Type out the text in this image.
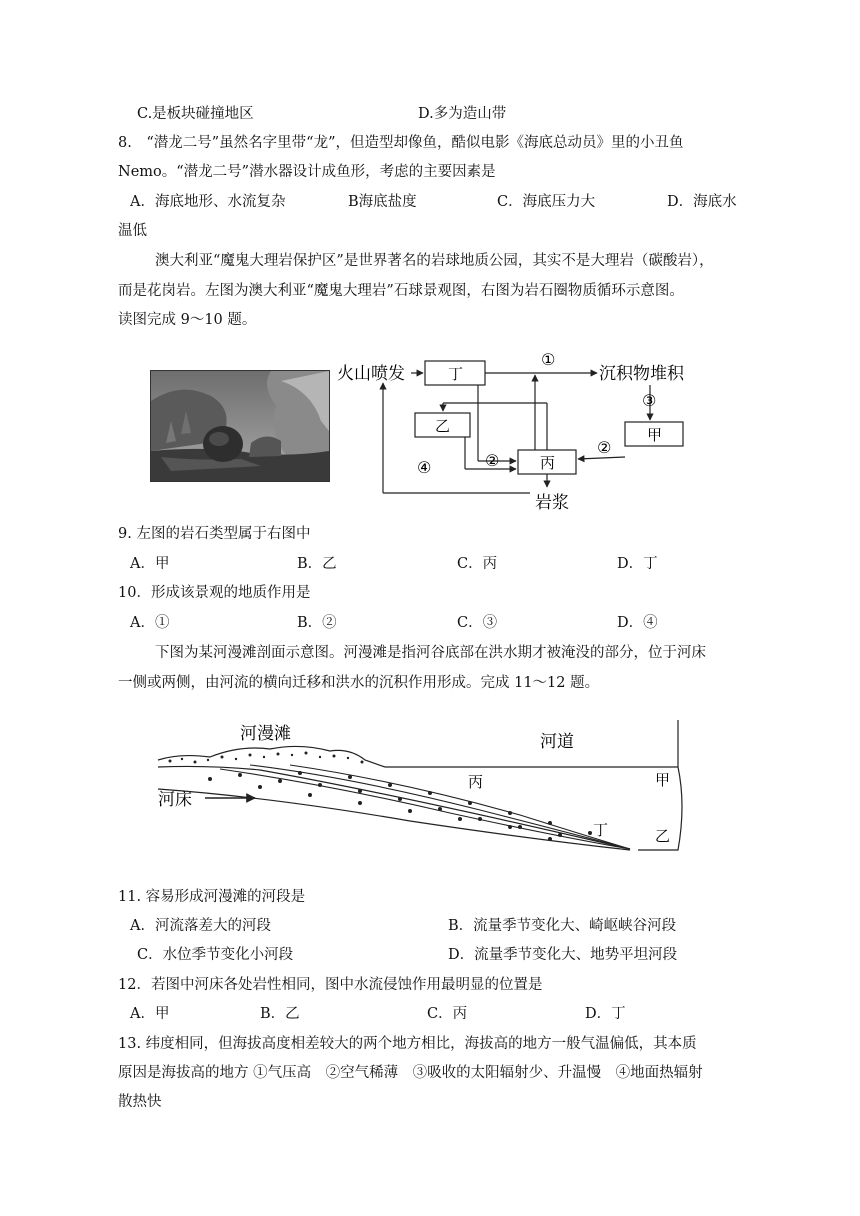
C.是板块碰撞地区	D.多为造山带
8.　“潜龙二号”虽然名字里带“龙”，但造型却像鱼，酷似电影《海底总动员》里的小丑鱼
Nemo。“潜龙二号”潜水器设计成鱼形，考虑的主要因素是
A．海底地形、水流复杂	B海底盐度	C．海底压力大	D．海底水
温低
澳大利亚“魔鬼大理岩保护区”是世界著名的岩球地质公园，其实不是大理岩（碳酸岩），
而是花岗岩。左图为澳大利亚“魔鬼大理岩”石球景观图，右图为岩石圈物质循环示意图。
读图完成 9～10 题。
火山喷发	丁
乙
丙
甲
沉积物堆积
岩浆
①
②
②
③
④
9. 左图的岩石类型属于右图中
A．甲	B．乙	C．丙	D．丁
10．形成该景观的地质作用是
A．①	B．②	C．③	D．④
下图为某河漫滩剖面示意图。河漫滩是指河谷底部在洪水期才被淹没的部分，位于河床
一侧或两侧，由河流的横向迁移和洪水的沉积作用形成。完成 11～12 题。
河漫滩	河道
河床
丙	甲
丁	乙
11. 容易形成河漫滩的河段是
A．河流落差大的河段	B．流量季节变化大、崎岖峡谷河段
C．水位季节变化小河段	D．流量季节变化大、地势平坦河段
12．若图中河床各处岩性相同，图中水流侵蚀作用最明显的位置是
A．甲	B．乙	C．丙	D．丁
13. 纬度相同，但海拔高度相差较大的两个地方相比，海拔高的地方一般气温偏低，其本质
原因是海拔高的地方 ①气压高　②空气稀薄　③吸收的太阳辐射少、升温慢　④地面热辐射
散热快
